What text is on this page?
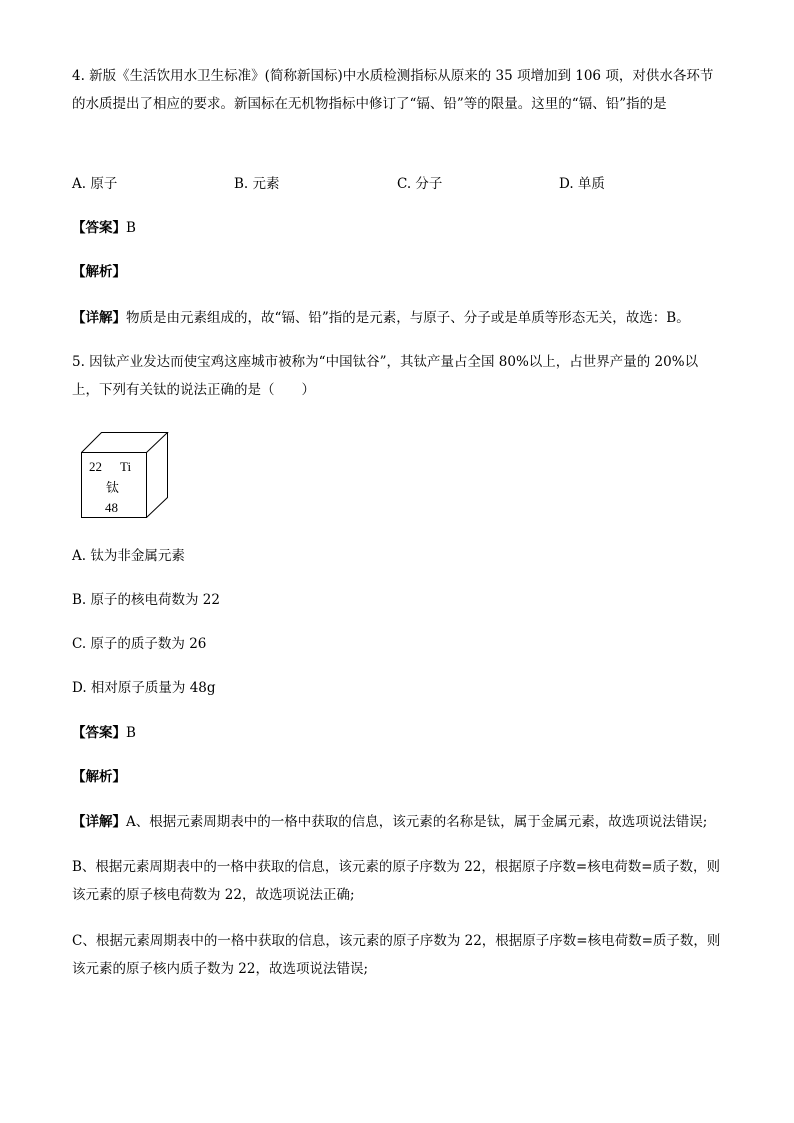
4. 新版《生活饮用水卫生标准》(简称新国标)中水质检测指标从原来的 35 项增加到 106 项，对供水各环节的水质提出了相应的要求。新国标在无机物指标中修订了“镉、铅”等的限量。这里的“镉、铅”指的是
A. 原子	B. 元素	C. 分子	D. 单质
【答案】B
【解析】
【详解】物质是由元素组成的，故“镉、铅”指的是元素，与原子、分子或是单质等形态无关，故选：B。
5. 因钛产业发达而使宝鸡这座城市被称为“中国钛谷”，其钛产量占全国 80%以上，占世界产量的 20%以上，下列有关钛的说法正确的是（　　）
22 Ti
钛
48
A. 钛为非金属元素
B. 原子的核电荷数为 22
C. 原子的质子数为 26
D. 相对原子质量为 48g
【答案】B
【解析】
【详解】A、根据元素周期表中的一格中获取的信息，该元素的名称是钛，属于金属元素，故选项说法错误;
B、根据元素周期表中的一格中获取的信息，该元素的原子序数为 22，根据原子序数=核电荷数=质子数，则该元素的原子核电荷数为 22，故选项说法正确;
C、根据元素周期表中的一格中获取的信息，该元素的原子序数为 22，根据原子序数=核电荷数=质子数，则该元素的原子核内质子数为 22，故选项说法错误;
